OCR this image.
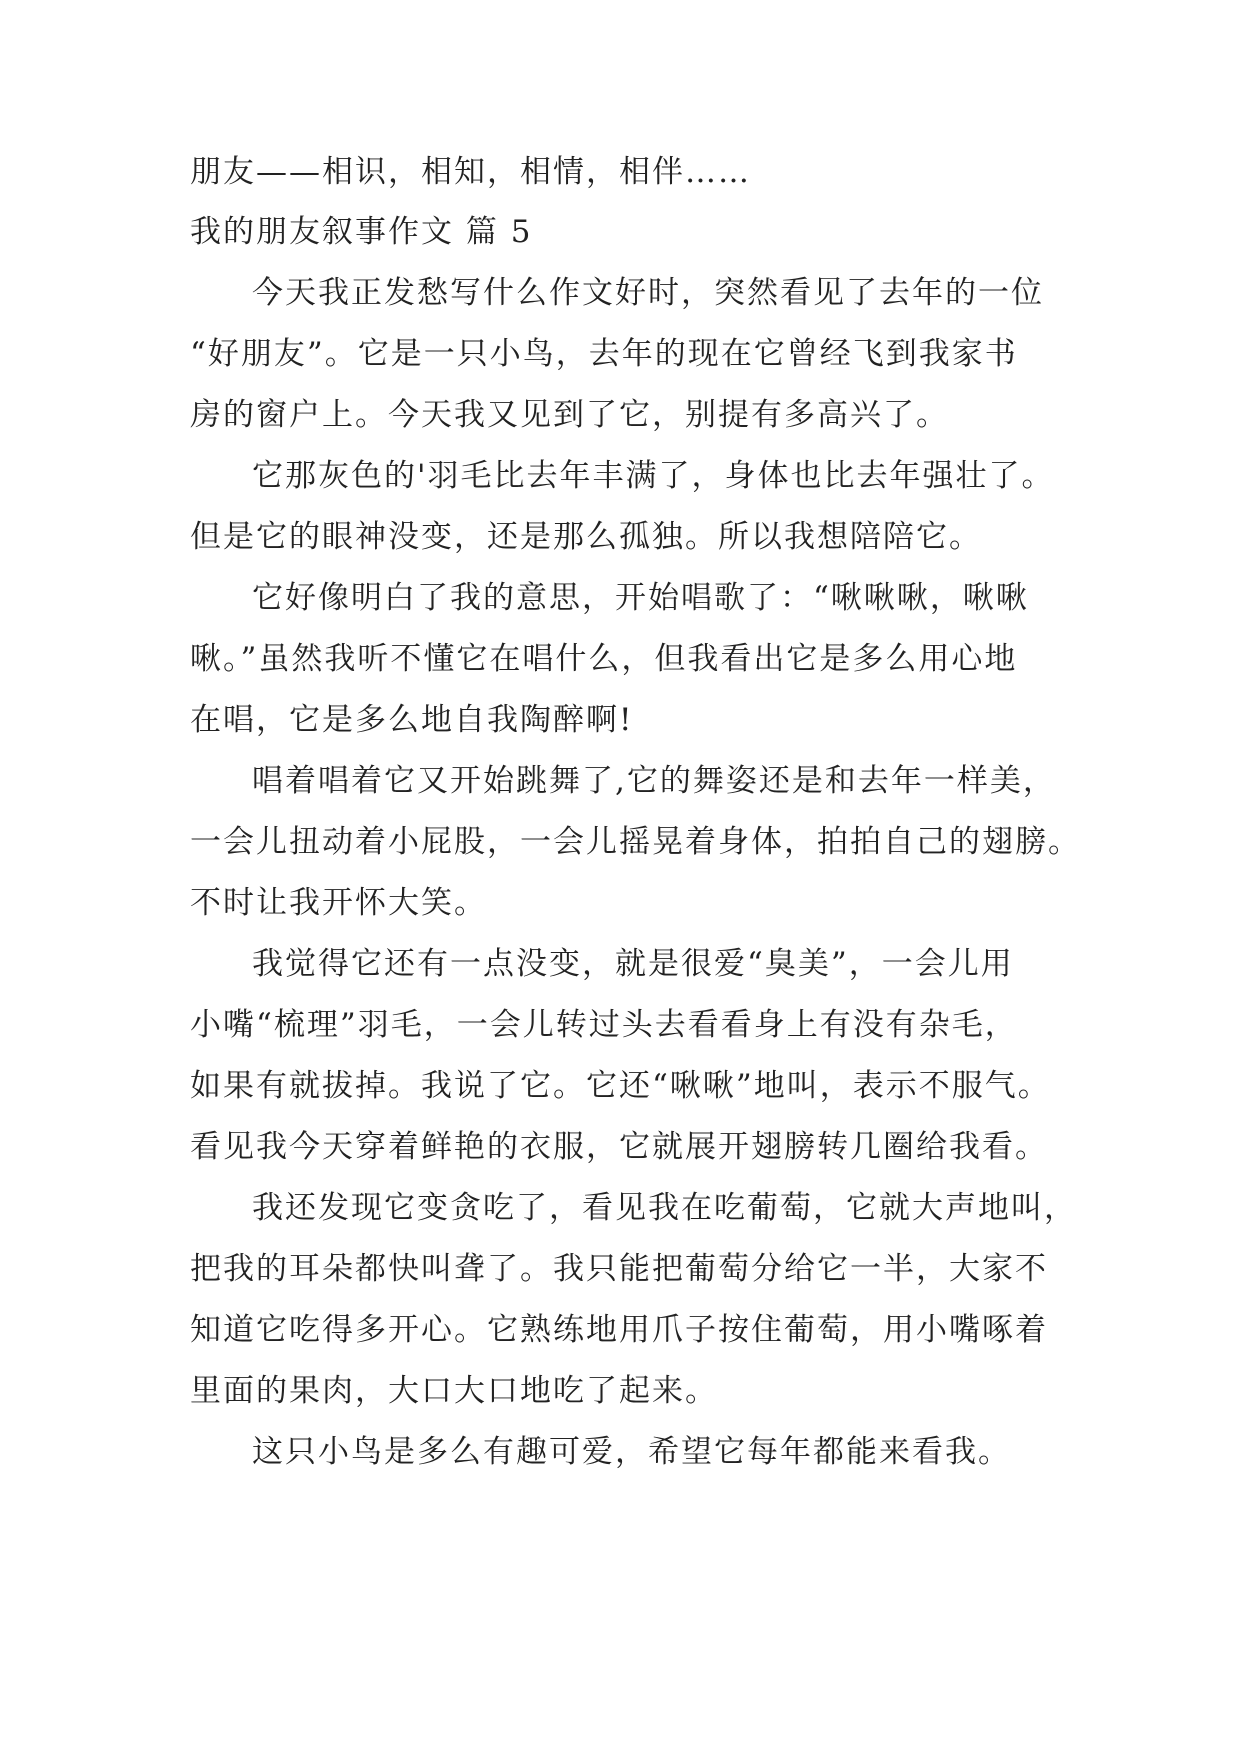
朋友——相识，相知，相情，相伴……
我的朋友叙事作文 篇 5
今天我正发愁写什么作文好时，突然看见了去年的一位
“好朋友”。它是一只小鸟，去年的现在它曾经飞到我家书
房的窗户上。今天我又见到了它，别提有多高兴了。
它那灰色的'羽毛比去年丰满了，身体也比去年强壮了。
但是它的眼神没变，还是那么孤独。所以我想陪陪它。
它好像明白了我的意思，开始唱歌了：“啾啾啾，啾啾
啾。”虽然我听不懂它在唱什么，但我看出它是多么用心地
在唱，它是多么地自我陶醉啊!
唱着唱着它又开始跳舞了,它的舞姿还是和去年一样美，
一会儿扭动着小屁股，一会儿摇晃着身体，拍拍自己的翅膀。
不时让我开怀大笑。
我觉得它还有一点没变，就是很爱“臭美”，一会儿用
小嘴“梳理”羽毛，一会儿转过头去看看身上有没有杂毛，
如果有就拔掉。我说了它。它还“啾啾”地叫，表示不服气。
看见我今天穿着鲜艳的衣服，它就展开翅膀转几圈给我看。
我还发现它变贪吃了，看见我在吃葡萄，它就大声地叫，
把我的耳朵都快叫聋了。我只能把葡萄分给它一半，大家不
知道它吃得多开心。它熟练地用爪子按住葡萄，用小嘴啄着
里面的果肉，大口大口地吃了起来。
这只小鸟是多么有趣可爱，希望它每年都能来看我。
